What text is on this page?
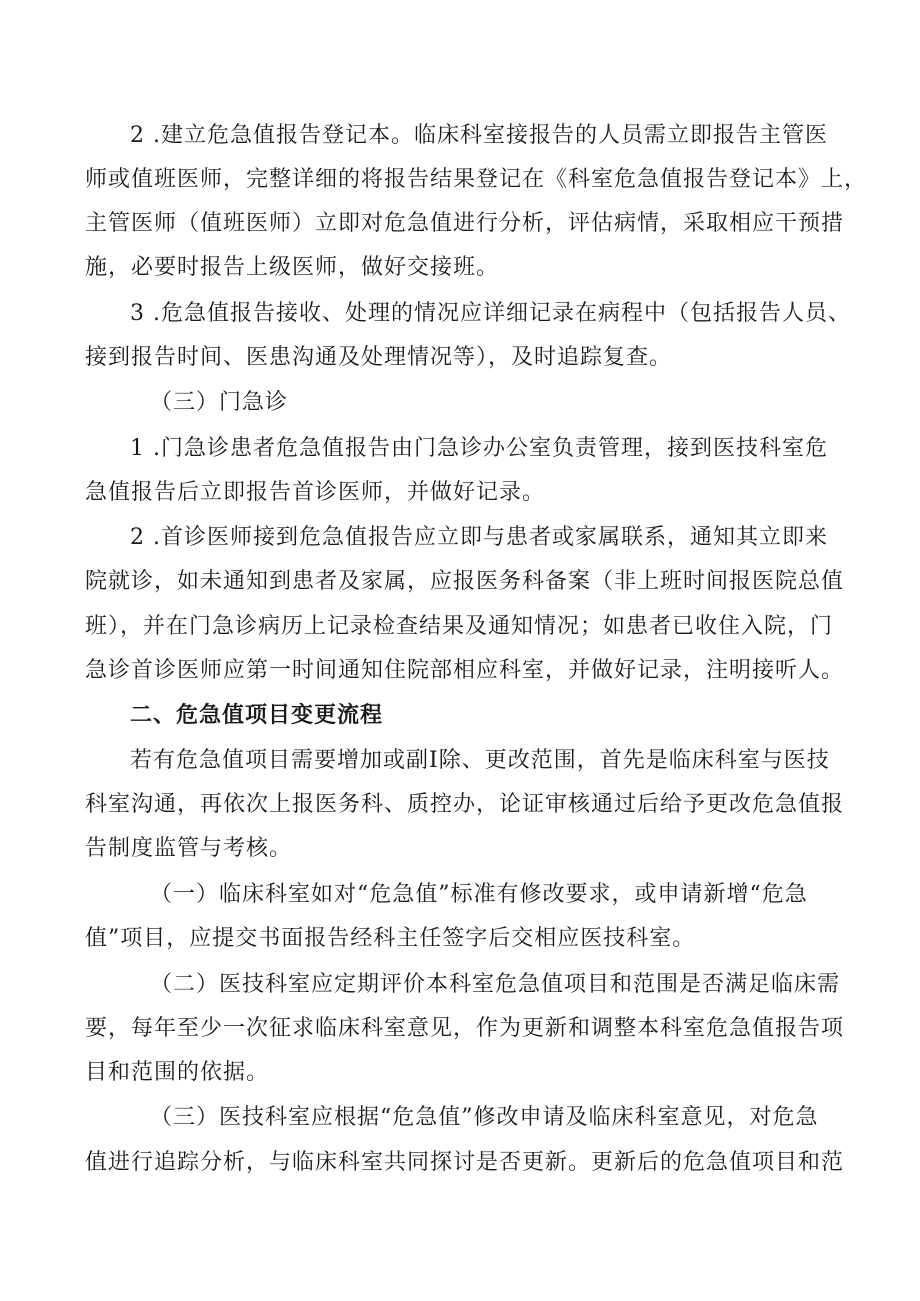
2 .建立危急值报告登记本。临床科室接报告的人员需立即报告主管医
师或值班医师，完整详细的将报告结果登记在《科室危急值报告登记本》上，
主管医师（值班医师）立即对危急值进行分析，评估病情，采取相应干预措
施，必要时报告上级医师，做好交接班。
3 .危急值报告接收、处理的情况应详细记录在病程中（包括报告人员、
接到报告时间、医患沟通及处理情况等），及时追踪复查。
（三）门急诊
1 .门急诊患者危急值报告由门急诊办公室负责管理，接到医技科室危
急值报告后立即报告首诊医师，并做好记录。
2 .首诊医师接到危急值报告应立即与患者或家属联系，通知其立即来
院就诊，如未通知到患者及家属，应报医务科备案（非上班时间报医院总值
班），并在门急诊病历上记录检查结果及通知情况；如患者已收住入院，门
急诊首诊医师应第一时间通知住院部相应科室，并做好记录，注明接听人。
二、危急值项目变更流程
若有危急值项目需要增加或副I除、更改范围，首先是临床科室与医技
科室沟通，再依次上报医务科、质控办，论证审核通过后给予更改危急值报
告制度监管与考核。
（一）临床科室如对“危急值”标准有修改要求，或申请新增“危急
值”项目，应提交书面报告经科主任签字后交相应医技科室。
（二）医技科室应定期评价本科室危急值项目和范围是否满足临床需
要，每年至少一次征求临床科室意见，作为更新和调整本科室危急值报告项
目和范围的依据。
（三）医技科室应根据“危急值”修改申请及临床科室意见，对危急
值进行追踪分析，与临床科室共同探讨是否更新。更新后的危急值项目和范
